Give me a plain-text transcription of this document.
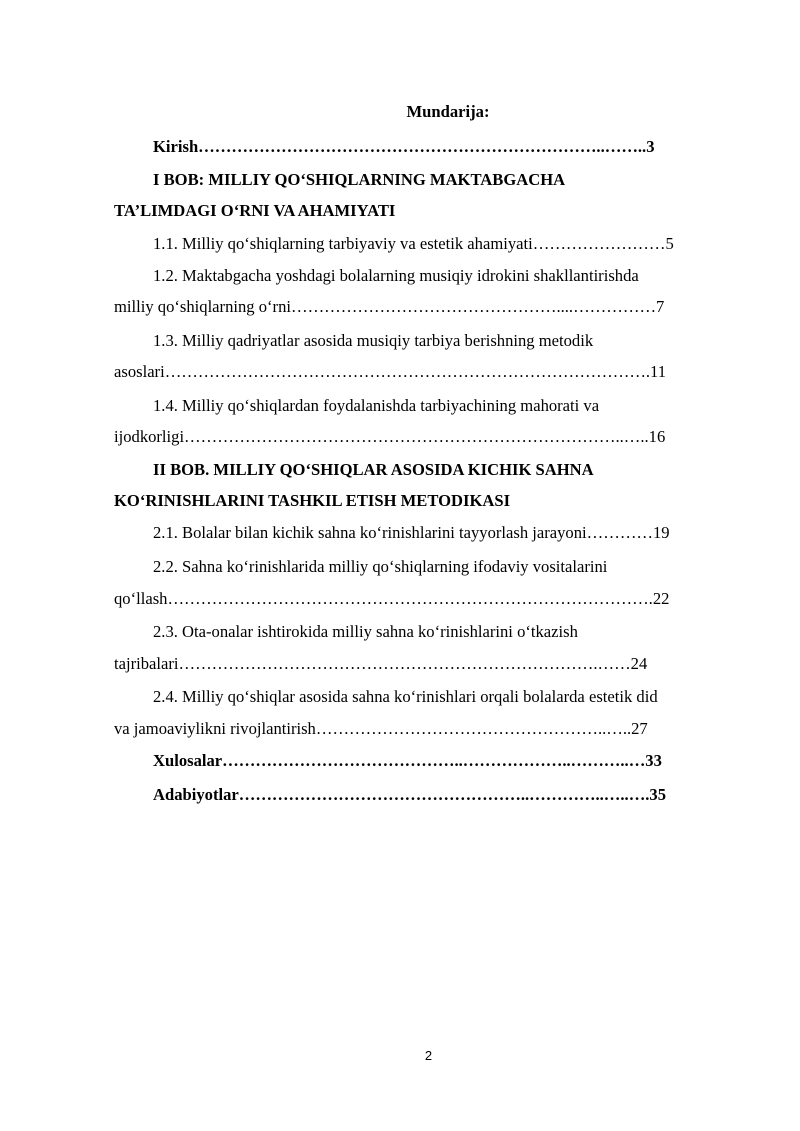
Mundarija:
Kirish………………………………………………………………..……..3
I BOB: MILLIY QO‘SHIQLARNING MAKTABGACHA
TA’LIMDAGI O‘RNI VA AHAMIYATI
1.1. Milliy qo‘shiqlarning tarbiyaviy va estetik ahamiyati……………………5
1.2. Maktabgacha yoshdagi bolalarning musiqiy idrokini shakllantirishda
milliy qo‘shiqlarning o‘rni…………………………………………....……………7
1.3. Milliy qadriyatlar asosida musiqiy tarbiya berishning metodik
asoslari…………………………………………………………………………….11
1.4. Milliy qo‘shiqlardan foydalanishda tarbiyachining mahorati va
ijodkorligi……………………………………………………………………..…..16
II BOB. MILLIY QO‘SHIQLAR ASOSIDA KICHIK SAHNA
KO‘RINISHLARINI TASHKIL ETISH METODIKASI
2.1. Bolalar bilan kichik sahna ko‘rinishlarini tayyorlash jarayoni…………19
2.2. Sahna ko‘rinishlarida milliy qo‘shiqlarning ifodaviy vositalarini
qo‘llash…………………………………………………………………………….22
2.3. Ota-onalar ishtirokida milliy sahna ko‘rinishlarini o‘tkazish
tajribalari………………………………………………………………….……24
2.4. Milliy qo‘shiqlar asosida sahna ko‘rinishlari orqali bolalarda estetik did
va jamoaviylikni rivojlantirish……………………………………………..…..27
Xulosalar……………………………………..………………..………..…33
Adabiyotlar……………………………………………..…………..…..….35
2
